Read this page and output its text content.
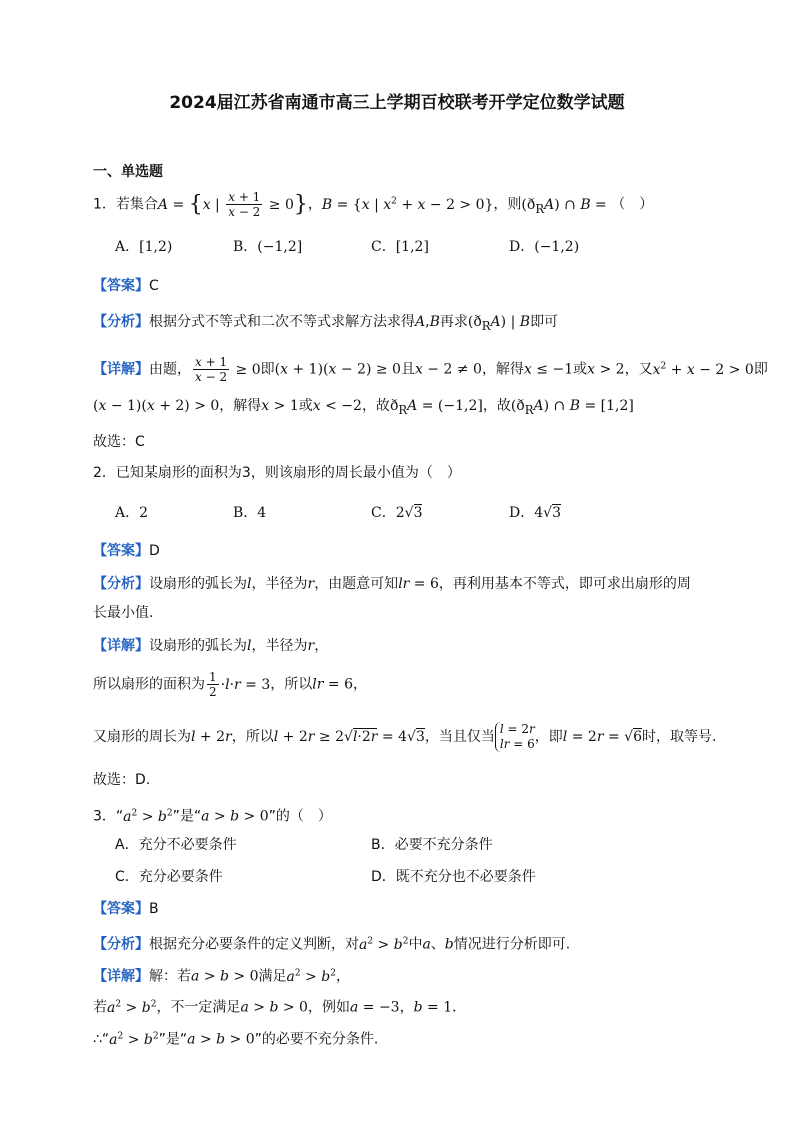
2024届江苏省南通市高三上学期百校联考开学定位数学试题
一、单选题
1．若集合A = {x | $\frac{x + 1}{x - 2} \ge 0$}，B = {x | $x^2 + x - 2 > 0$}，则$(ð_RA)$ ∩ B = （　）
A．[1,2)	B．(−1,2]	C．[1,2]	D．(−1,2)
【答案】C
【分析】根据分式不等式和二次不等式求解方法求得A,B再求$(ð_RA)$ | B即可
【详解】由题， $\frac{x + 1}{x - 2} \ge 0$即(x + 1)(x − 2) ≥ 0且x − 2 ≠ 0，解得x ≤ −1或x > 2，又$x^2 + x - 2 > 0$即
(x − 1)(x + 2) > 0，解得x > 1或x < −2，故$ð_RA = (-1,2]$，故$(ð_RA)$ ∩ B = [1,2]
故选：C
2．已知某扇形的面积为3，则该扇形的周长最小值为（　）
A．2	B．4	C．2√3	D．4√3
【答案】D
【分析】设扇形的弧长为l，半径为r，由题意可知lr = 6，再利用基本不等式，即可求出扇形的周
长最小值.
【详解】设扇形的弧长为l，半径为r，
所以扇形的面积为 $\frac{1}{2} \cdot l\cdot r = 3$，所以lr = 6，
又扇形的周长为l + 2r，所以l + 2r ≥ 2√l·2r = 4√3，当且仅当 l = 2r
lr = 6，即l = 2r = √6时，取等号.
故选：D.
3．“$a^2 > b^2$”是“a > b > 0”的（　）
A．充分不必要条件	B．必要不充分条件
C．充分必要条件	D．既不充分也不必要条件
【答案】B
【分析】根据充分必要条件的定义判断，对$a^2 > b^2$中a、b情况进行分析即可.
【详解】解：若a > b > 0满足$a^2 > b^2$，
若$a^2 > b^2$，不一定满足a > b > 0，例如a = −3，b = 1．
$\therefore“a^2 > b^2$”是“a > b > 0”的必要不充分条件.
